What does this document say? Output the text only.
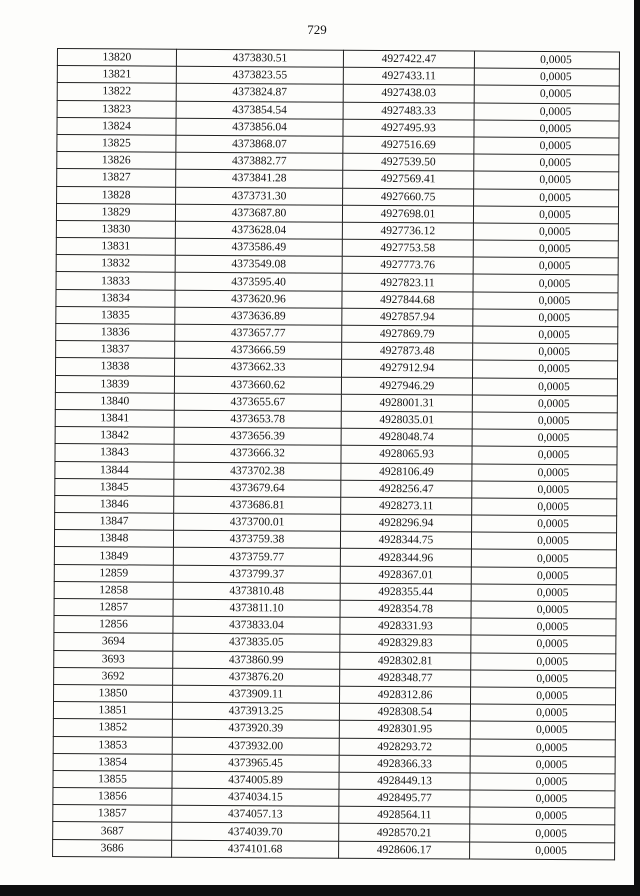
729
13820	4373830.51	4927422.47	0,0005
13821	4373823.55	4927433.11	0,0005
13822	4373824.87	4927438.03	0,0005
13823	4373854.54	4927483.33	0,0005
13824	4373856.04	4927495.93	0,0005
13825	4373868.07	4927516.69	0,0005
13826	4373882.77	4927539.50	0,0005
13827	4373841.28	4927569.41	0,0005
13828	4373731.30	4927660.75	0,0005
13829	4373687.80	4927698.01	0,0005
13830	4373628.04	4927736.12	0,0005
13831	4373586.49	4927753.58	0,0005
13832	4373549.08	4927773.76	0,0005
13833	4373595.40	4927823.11	0,0005
13834	4373620.96	4927844.68	0,0005
13835	4373636.89	4927857.94	0,0005
13836	4373657.77	4927869.79	0,0005
13837	4373666.59	4927873.48	0,0005
13838	4373662.33	4927912.94	0,0005
13839	4373660.62	4927946.29	0,0005
13840	4373655.67	4928001.31	0,0005
13841	4373653.78	4928035.01	0,0005
13842	4373656.39	4928048.74	0,0005
13843	4373666.32	4928065.93	0,0005
13844	4373702.38	4928106.49	0,0005
13845	4373679.64	4928256.47	0,0005
13846	4373686.81	4928273.11	0,0005
13847	4373700.01	4928296.94	0,0005
13848	4373759.38	4928344.75	0,0005
13849	4373759.77	4928344.96	0,0005
12859	4373799.37	4928367.01	0,0005
12858	4373810.48	4928355.44	0,0005
12857	4373811.10	4928354.78	0,0005
12856	4373833.04	4928331.93	0,0005
3694	4373835.05	4928329.83	0,0005
3693	4373860.99	4928302.81	0,0005
3692	4373876.20	4928348.77	0,0005
13850	4373909.11	4928312.86	0,0005
13851	4373913.25	4928308.54	0,0005
13852	4373920.39	4928301.95	0,0005
13853	4373932.00	4928293.72	0,0005
13854	4373965.45	4928366.33	0,0005
13855	4374005.89	4928449.13	0,0005
13856	4374034.15	4928495.77	0,0005
13857	4374057.13	4928564.11	0,0005
3687	4374039.70	4928570.21	0,0005
3686	4374101.68	4928606.17	0,0005
